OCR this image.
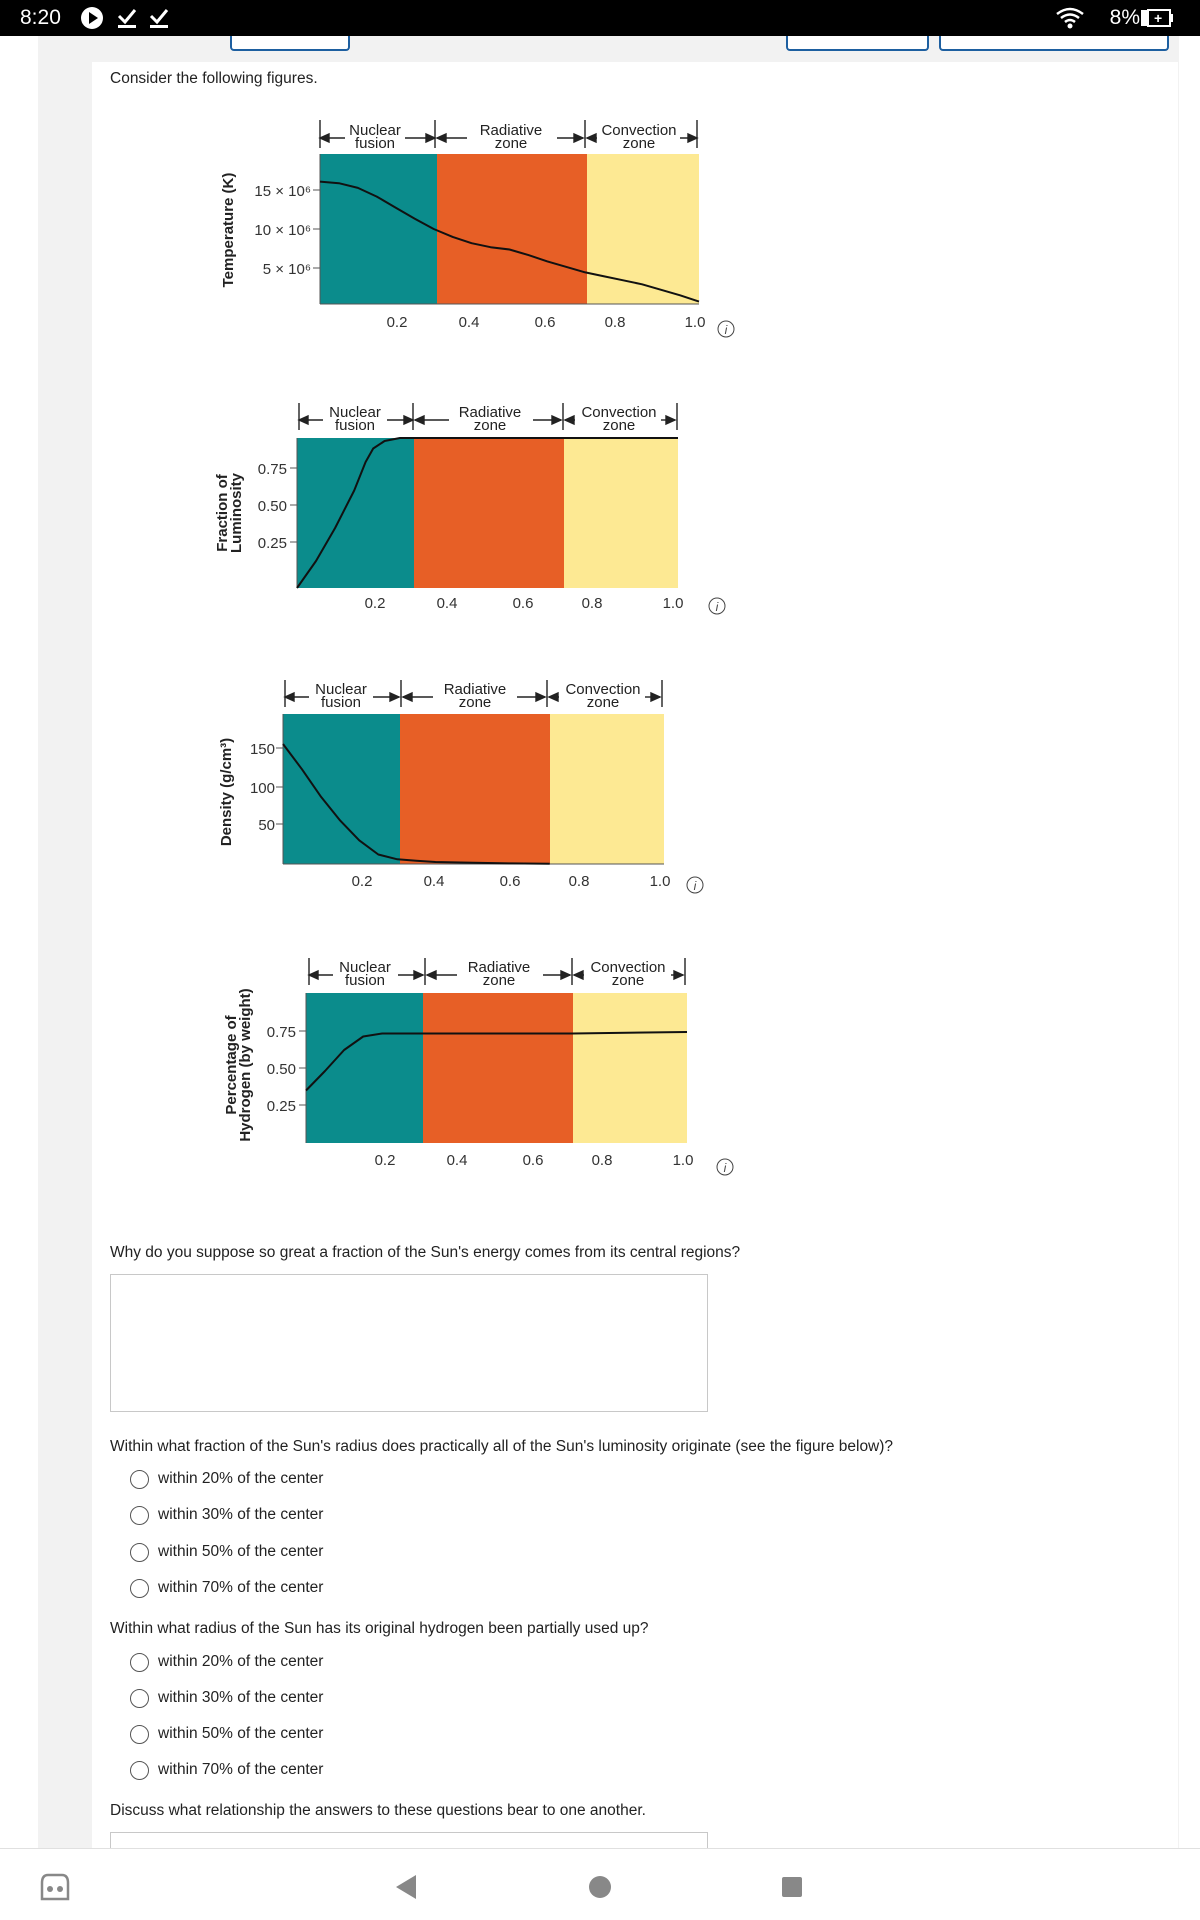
8:20	8% +
Consider the following figures.
Nuclear
fusion
Radiative
zone
Convection
zone
15 × 10⁶
10 × 10⁶
5 × 10⁶
0.2	0.4	0.6	0.8	1.0
Temperature (K)
i
Nuclear
fusion
Radiative
zone
Convection
zone
0.75
0.50
0.25
0.2	0.4	0.6	0.8	1.0
Fraction of
Luminosity
i
Nuclear
fusion
Radiative
zone
Convection
zone
150
100
50
0.2	0.4	0.6	0.8	1.0
Density (g/cm³)
i
Nuclear
fusion
Radiative
zone
Convection
zone
0.75
0.50
0.25
0.2	0.4	0.6	0.8	1.0
Percentage of
Hydrogen (by weight)
i
Why do you suppose so great a fraction of the Sun's energy comes from its central regions?
Within what fraction of the Sun's radius does practically all of the Sun's luminosity originate (see the figure below)?
within 20% of the center
within 30% of the center
within 50% of the center
within 70% of the center
Within what radius of the Sun has its original hydrogen been partially used up?
within 20% of the center
within 30% of the center
within 50% of the center
within 70% of the center
Discuss what relationship the answers to these questions bear to one another.
